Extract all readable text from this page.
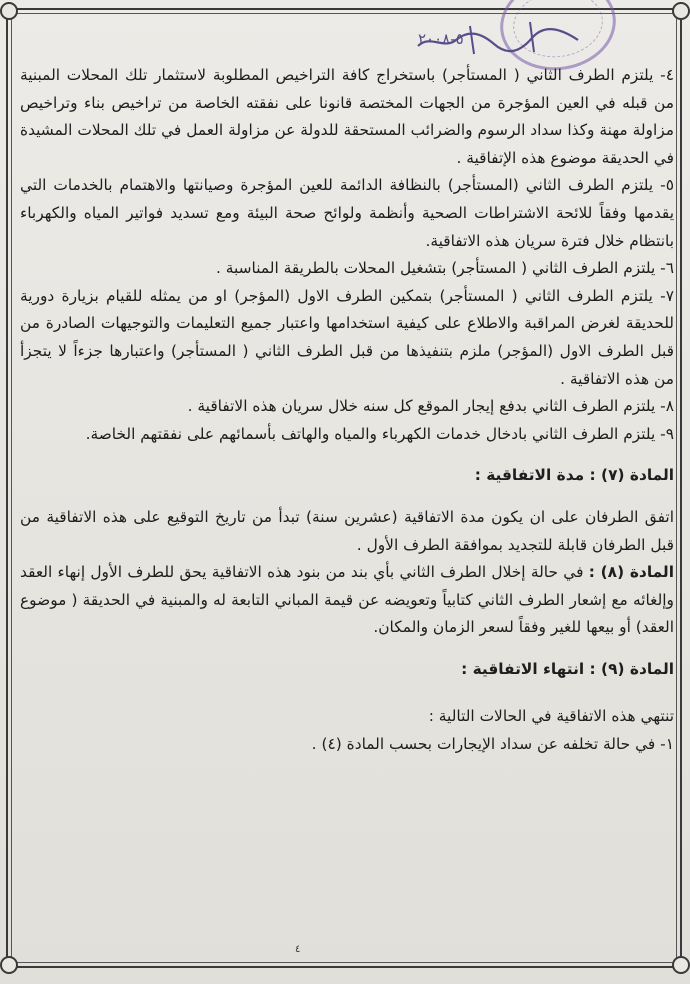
٥-٢٠٠٨

٤- يلتزم الطرف الثاني ( المستأجر) باستخراج كافة التراخيص المطلوبة لاستثمار تلك المحلات المبنية من قبله في العين المؤجرة من الجهات المختصة قانونا على نفقته الخاصة من تراخيص بناء وتراخيص مزاولة مهنة وكذا سداد الرسوم والضرائب المستحقة للدولة عن مزاولة العمل في تلك المحلات المشيدة في الحديقة موضوع هذه الإتفاقية .

٥- يلتزم الطرف الثاني (المستأجر) بالنظافة الدائمة للعين المؤجرة وصيانتها والاهتمام بالخدمات التي يقدمها وفقاً للائحة الاشتراطات الصحية وأنظمة ولوائح صحة البيئة ومع تسديد فواتير المياه والكهرباء بانتظام خلال فترة سريان هذه الاتفاقية.

٦- يلتزم الطرف الثاني ( المستأجر) بتشغيل المحلات بالطريقة المناسبة .

٧- يلتزم الطرف الثاني ( المستأجر) بتمكين الطرف الاول (المؤجر) او من يمثله للقيام بزيارة دورية للحديقة لغرض المراقبة والاطلاع على كيفية استخدامها واعتبار جميع التعليمات والتوجيهات الصادرة من قبل الطرف الاول (المؤجر) ملزم بتنفيذها من قبل الطرف الثاني ( المستأجر) واعتبارها جزءاً لا يتجزأ من هذه الاتفاقية .

٨- يلتزم الطرف الثاني بدفع إيجار الموقع كل سنه خلال سريان هذه الاتفاقية .

٩- يلتزم الطرف الثاني بادخال خدمات الكهرباء والمياه والهاتف بأسمائهم على نفقتهم الخاصة.

المادة (٧) : مدة الاتفاقية :

اتفق الطرفان على ان يكون مدة الاتفاقية (عشرين سنة) تبدأ من تاريخ التوقيع على هذه الاتفاقية من قبل الطرفان قابلة للتجديد بموافقة الطرف الأول .

المادة (٨) : في حالة إخلال الطرف الثاني بأي بند من بنود هذه الاتفاقية يحق للطرف الأول إنهاء العقد وإلغائه مع إشعار الطرف الثاني كتابياً وتعويضه عن قيمة المباني التابعة له والمبنية في الحديقة ( موضوع العقد) أو بيعها للغير وفقاً لسعر الزمان والمكان.

المادة (٩) : انتهاء الاتفاقية :

تنتهي هذه الاتفاقية في الحالات التالية :

١- في حالة تخلفه عن سداد الإيجارات بحسب المادة (٤) .

٤
